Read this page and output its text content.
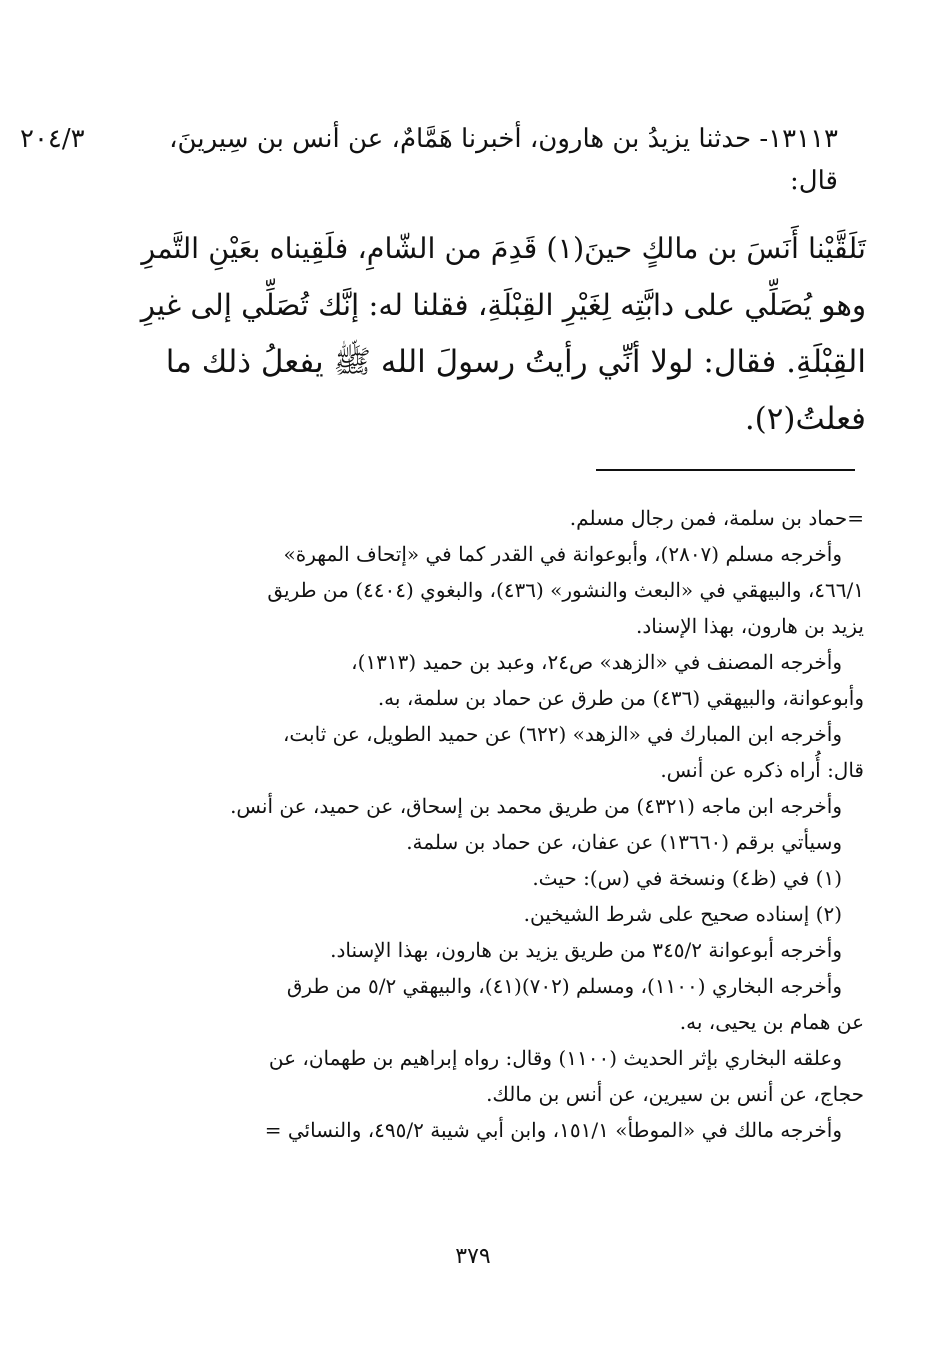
٢٠٤/٣	١٣١١٣- حدثنا يزيدُ بن هارون، أخبرنا هَمَّامٌ، عن أنس بن سِيرينَ،
قال:
تَلَقَّيْنا أَنَسَ بن مالكٍ حينَ(١) قَدِمَ من الشّامِ، فلَقِيناه بعَيْنِ التَّمرِ
وهو يُصَلِّي على دابَّتِه لِغَيْرِ القِبْلَةِ، فقلنا له: إنَّك تُصَلِّي إلى غيرِ
القِبْلَةِ. فقال: لولا أنِّي رأيتُ رسولَ الله ﷺ يفعلُ ذلك ما
فعلتُ(٢).
=حماد بن سلمة، فمن رجال مسلم.
وأخرجه مسلم (٢٨٠٧)، وأبوعوانة في القدر كما في «إتحاف المهرة»
٤٦٦/١، والبيهقي في «البعث والنشور» (٤٣٦)، والبغوي (٤٤٠٤) من طريق
يزيد بن هارون، بهذا الإسناد.
وأخرجه المصنف في «الزهد» ص٢٤، وعبد بن حميد (١٣١٣)،
وأبوعوانة، والبيهقي (٤٣٦) من طرق عن حماد بن سلمة، به.
وأخرجه ابن المبارك في «الزهد» (٦٢٢) عن حميد الطويل، عن ثابت،
قال: أُراه ذكره عن أنس.
وأخرجه ابن ماجه (٤٣٢١) من طريق محمد بن إسحاق، عن حميد، عن أنس.
وسيأتي برقم (١٣٦٦٠) عن عفان، عن حماد بن سلمة.
(١) في (ظ٤) ونسخة في (س): حيث.
(٢) إسناده صحيح على شرط الشيخين.
وأخرجه أبوعوانة ٣٤٥/٢ من طريق يزيد بن هارون، بهذا الإسناد.
وأخرجه البخاري (١١٠٠)، ومسلم (٧٠٢)(٤١)، والبيهقي ٥/٢ من طرق
عن همام بن يحيى، به.
وعلقه البخاري بإثر الحديث (١١٠٠) وقال: رواه إبراهيم بن طهمان، عن
حجاج، عن أنس بن سيرين، عن أنس بن مالك.
وأخرجه مالك في «الموطأ» ١٥١/١، وابن أبي شيبة ٤٩٥/٢، والنسائي =
٣٧٩
